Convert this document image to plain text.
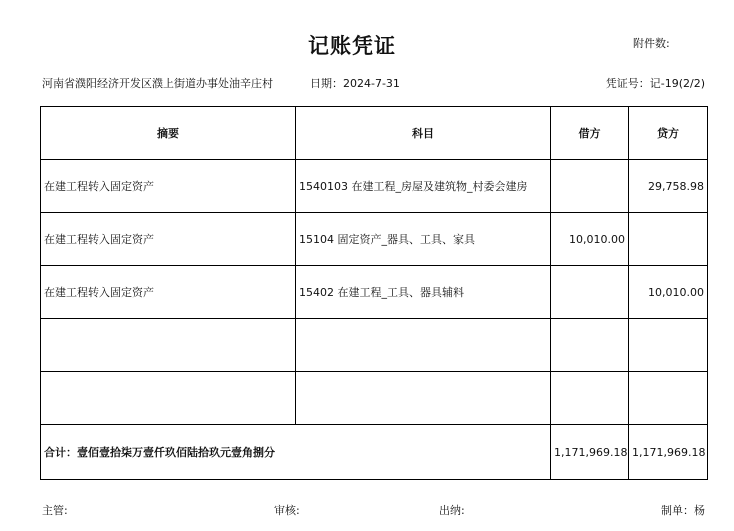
记账凭证	附件数:
河南省濮阳经济开发区濮上街道办事处油辛庄村	日期：2024-7-31	凭证号：记-19(2/2)
摘要	科目	借方	贷方
在建工程转入固定资产	1540103 在建工程_房屋及建筑物_村委会建房		29,758.98
在建工程转入固定资产	15104 固定资产_器具、工具、家具	10,010.00	
在建工程转入固定资产	15402 在建工程_工具、器具辅料		10,010.00

合计：壹佰壹拾柒万壹仟玖佰陆拾玖元壹角捌分		1,171,969.18	1,171,969.18
主管:	审核:	出纳:	制单：杨
